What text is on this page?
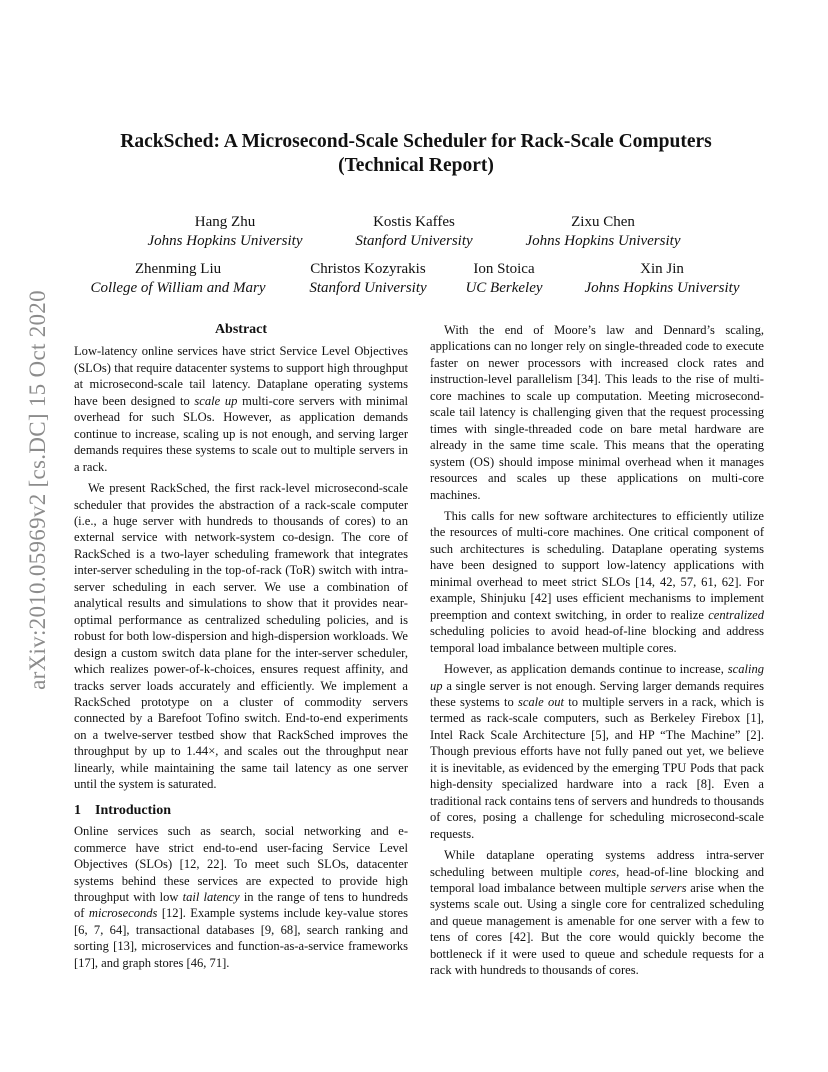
arXiv:2010.05969v2 [cs.DC] 15 Oct 2020
RackSched: A Microsecond-Scale Scheduler for Rack-Scale Computers
(Technical Report)
Hang Zhu
Johns Hopkins University
Kostis Kaffes
Stanford University
Zixu Chen
Johns Hopkins University
Zhenming Liu
College of William and Mary
Christos Kozyrakis
Stanford University
Ion Stoica
UC Berkeley
Xin Jin
Johns Hopkins University
Abstract

Low-latency online services have strict Service Level Objectives (SLOs) that require datacenter systems to support high throughput at microsecond-scale tail latency. Dataplane operating systems have been designed to scale up multi-core servers with minimal overhead for such SLOs. However, as application demands continue to increase, scaling up is not enough, and serving larger demands requires these systems to scale out to multiple servers in a rack.

We present RackSched, the first rack-level microsecond-scale scheduler that provides the abstraction of a rack-scale computer (i.e., a huge server with hundreds to thousands of cores) to an external service with network-system co-design. The core of RackSched is a two-layer scheduling framework that integrates inter-server scheduling in the top-of-rack (ToR) switch with intra-server scheduling in each server. We use a combination of analytical results and simulations to show that it provides near-optimal performance as centralized scheduling policies, and is robust for both low-dispersion and high-dispersion workloads. We design a custom switch data plane for the inter-server scheduler, which realizes power-of-k-choices, ensures request affinity, and tracks server loads accurately and efficiently. We implement a RackSched prototype on a cluster of commodity servers connected by a Barefoot Tofino switch. End-to-end experiments on a twelve-server testbed show that RackSched improves the throughput by up to 1.44×, and scales out the throughput near linearly, while maintaining the same tail latency as one server until the system is saturated.

1 Introduction

Online services such as search, social networking and e-commerce have strict end-to-end user-facing Service Level Objectives (SLOs) [12, 22]. To meet such SLOs, datacenter systems behind these services are expected to provide high throughput with low tail latency in the range of tens to hundreds of microseconds [12]. Example systems include key-value stores [6, 7, 64], transactional databases [9, 68], search ranking and sorting [13], microservices and function-as-a-service frameworks [17], and graph stores [46, 71].

With the end of Moore’s law and Dennard’s scaling, applications can no longer rely on single-threaded code to execute faster on newer processors with increased clock rates and instruction-level parallelism [34]. This leads to the rise of multi-core machines to scale up computation. Meeting microsecond-scale tail latency is challenging given that the request processing times with single-threaded code on bare metal hardware are already in the same time scale. This means that the operating system (OS) should impose minimal overhead when it manages resources and scales up these applications on multi-core machines.

This calls for new software architectures to efficiently utilize the resources of multi-core machines. One critical component of such architectures is scheduling. Dataplane operating systems have been designed to support low-latency applications with minimal overhead to meet strict SLOs [14, 42, 57, 61, 62]. For example, Shinjuku [42] uses efficient mechanisms to implement preemption and context switching, in order to realize centralized scheduling policies to avoid head-of-line blocking and address temporal load imbalance between multiple cores.

However, as application demands continue to increase, scaling up a single server is not enough. Serving larger demands requires these systems to scale out to multiple servers in a rack, which is termed as rack-scale computers, such as Berkeley Firebox [1], Intel Rack Scale Architecture [5], and HP “The Machine” [2]. Though previous efforts have not fully paned out yet, we believe it is inevitable, as evidenced by the emerging TPU Pods that pack high-density specialized hardware into a rack [8]. Even a traditional rack contains tens of servers and hundreds to thousands of cores, posing a challenge for scheduling microsecond-scale requests.

While dataplane operating systems address intra-server scheduling between multiple cores, head-of-line blocking and temporal load imbalance between multiple servers arise when the systems scale out. Using a single core for centralized scheduling and queue management is amenable for one server with a few to tens of cores [42]. But the core would quickly become the bottleneck if it were used to queue and schedule requests for a rack with hundreds to thousands of cores.
